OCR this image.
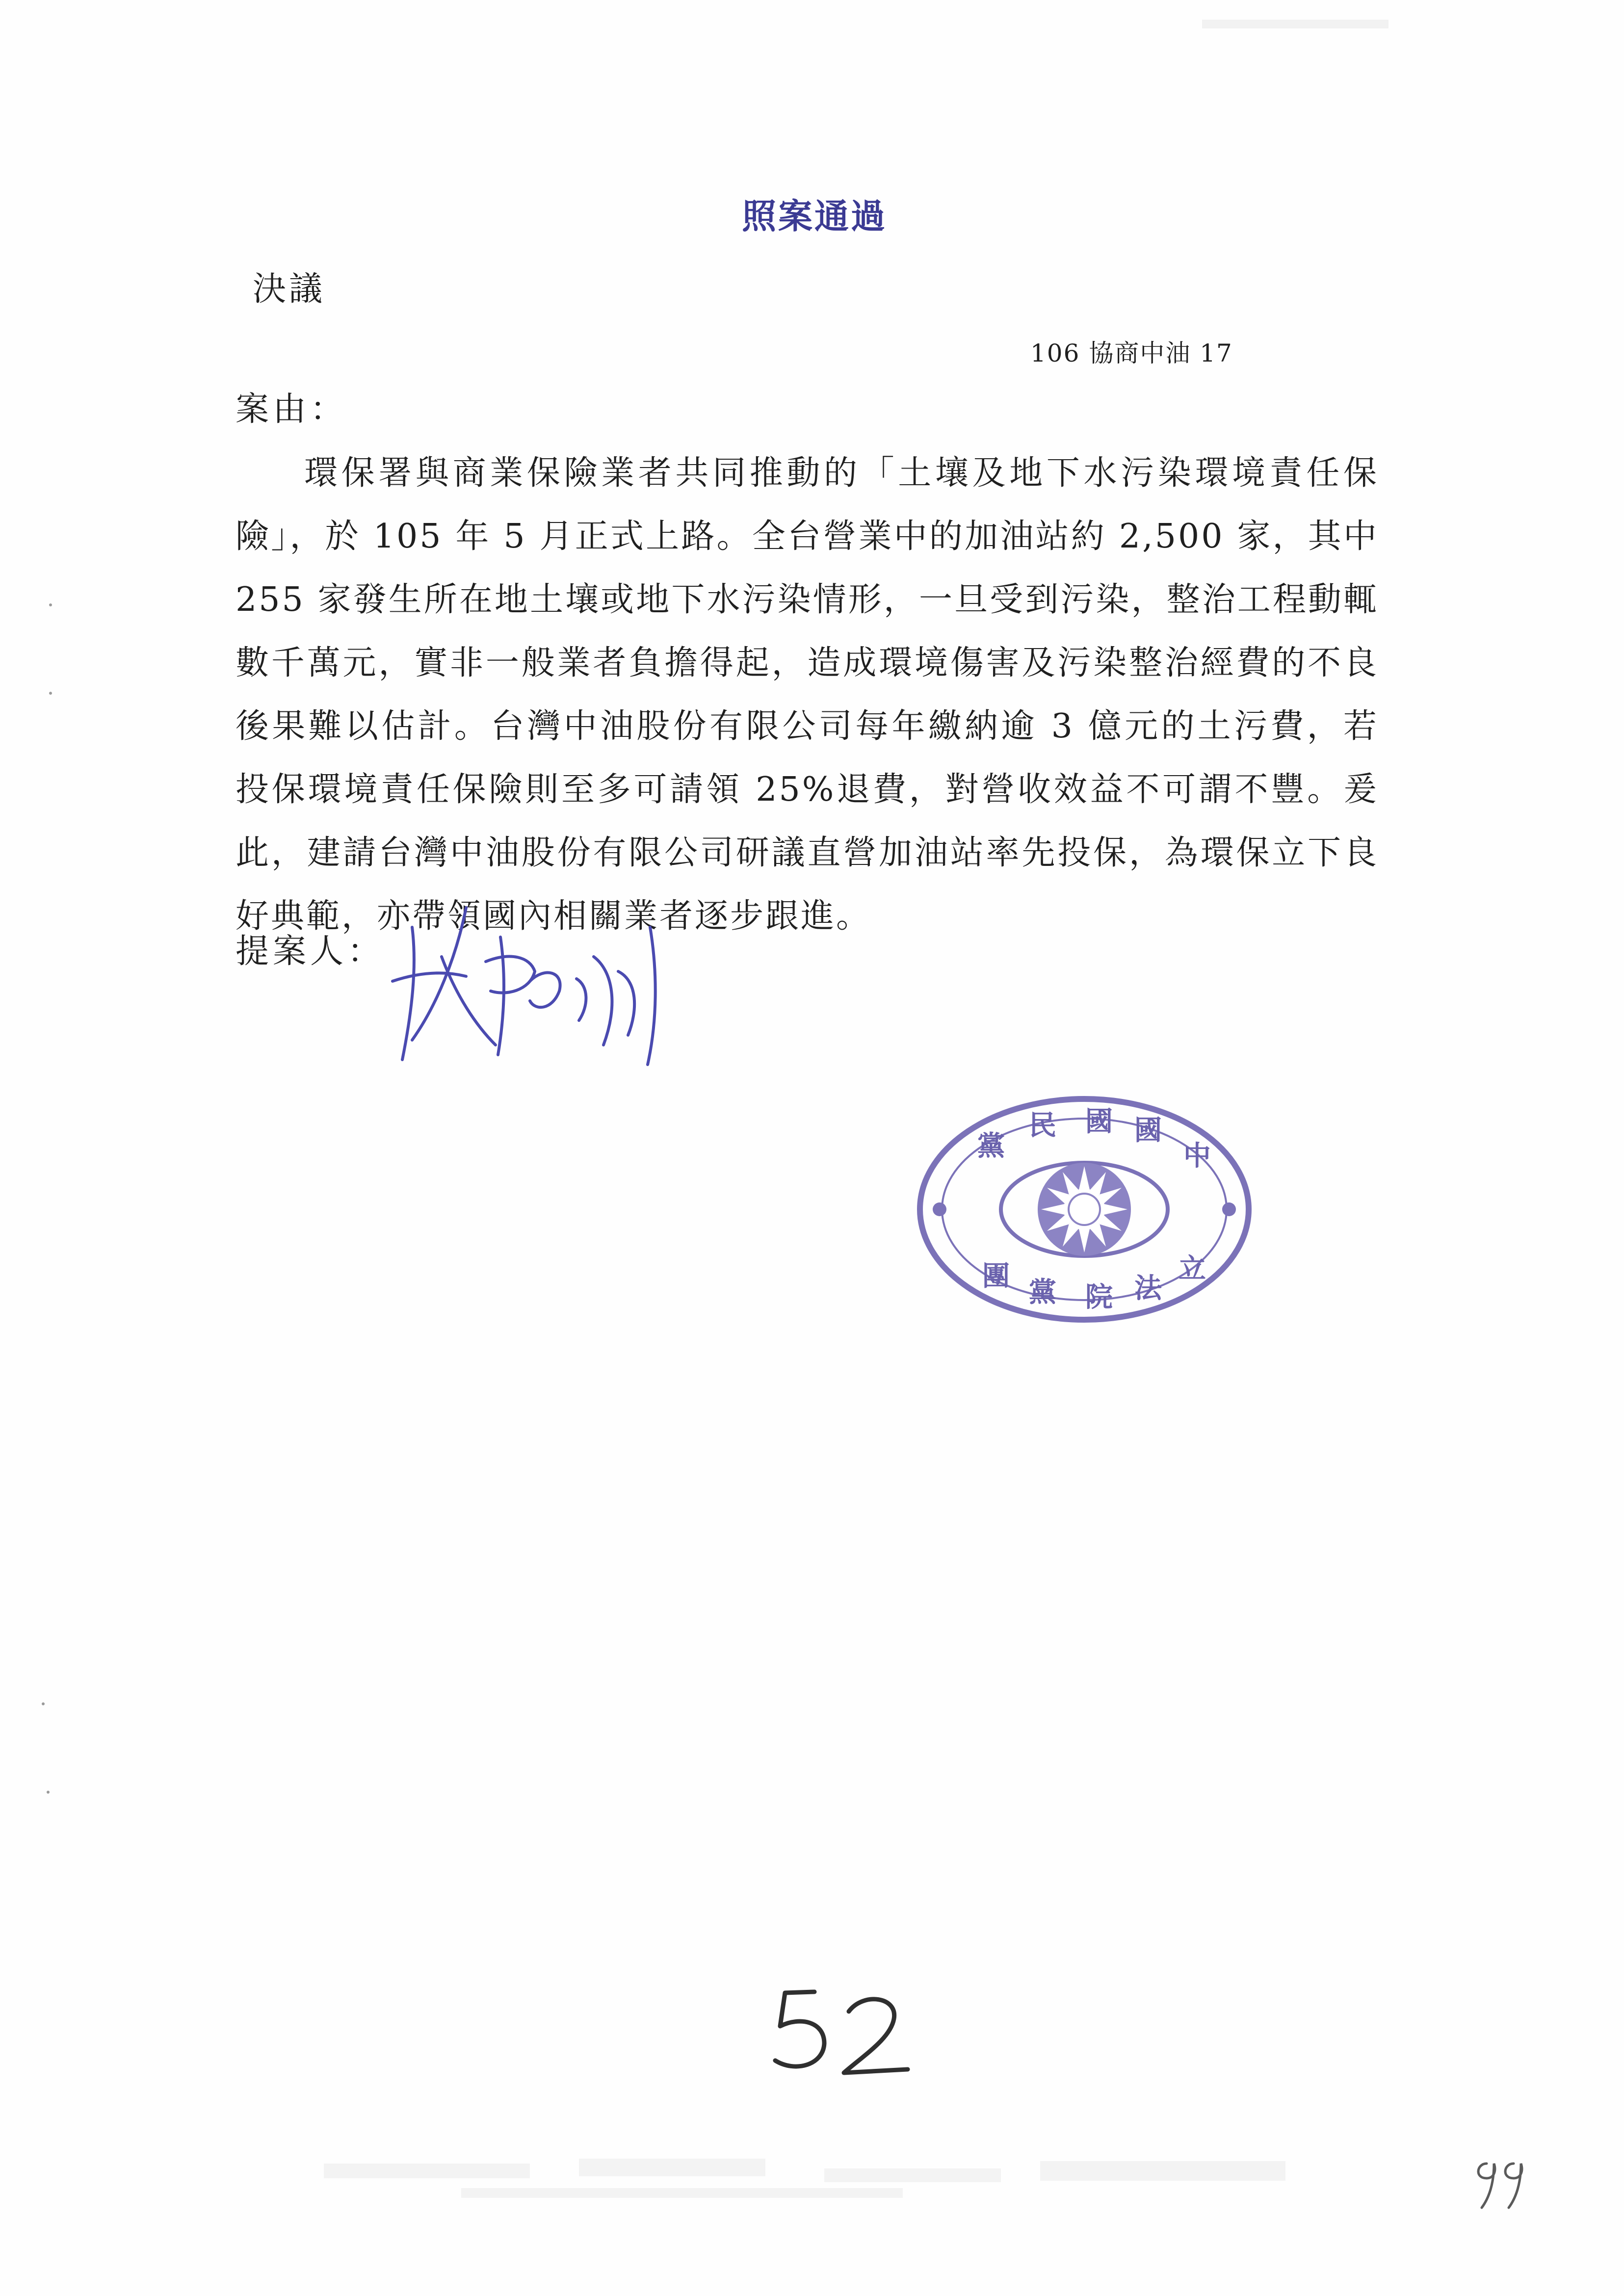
照案通過
決議
106 協商中油 17
案由：

環保署與商業保險業者共同推動的「土壤及地下水污染環境責任保險」，於 105 年 5 月正式上路。全台營業中的加油站約 2,500 家，其中 255 家發生所在地土壤或地下水污染情形，一旦受到污染，整治工程動輒數千萬元，實非一般業者負擔得起，造成環境傷害及污染整治經費的不良後果難以估計。台灣中油股份有限公司每年繳納逾 3 億元的土污費，若投保環境責任保險則至多可請領 25%退費，對營收效益不可謂不豐。爰此，建請台灣中油股份有限公司研議直營加油站率先投保，為環保立下良好典範，亦帶領國內相關業者逐步跟進。

提案人：
黨
民 國 國
中
團 黨 院 法
立
